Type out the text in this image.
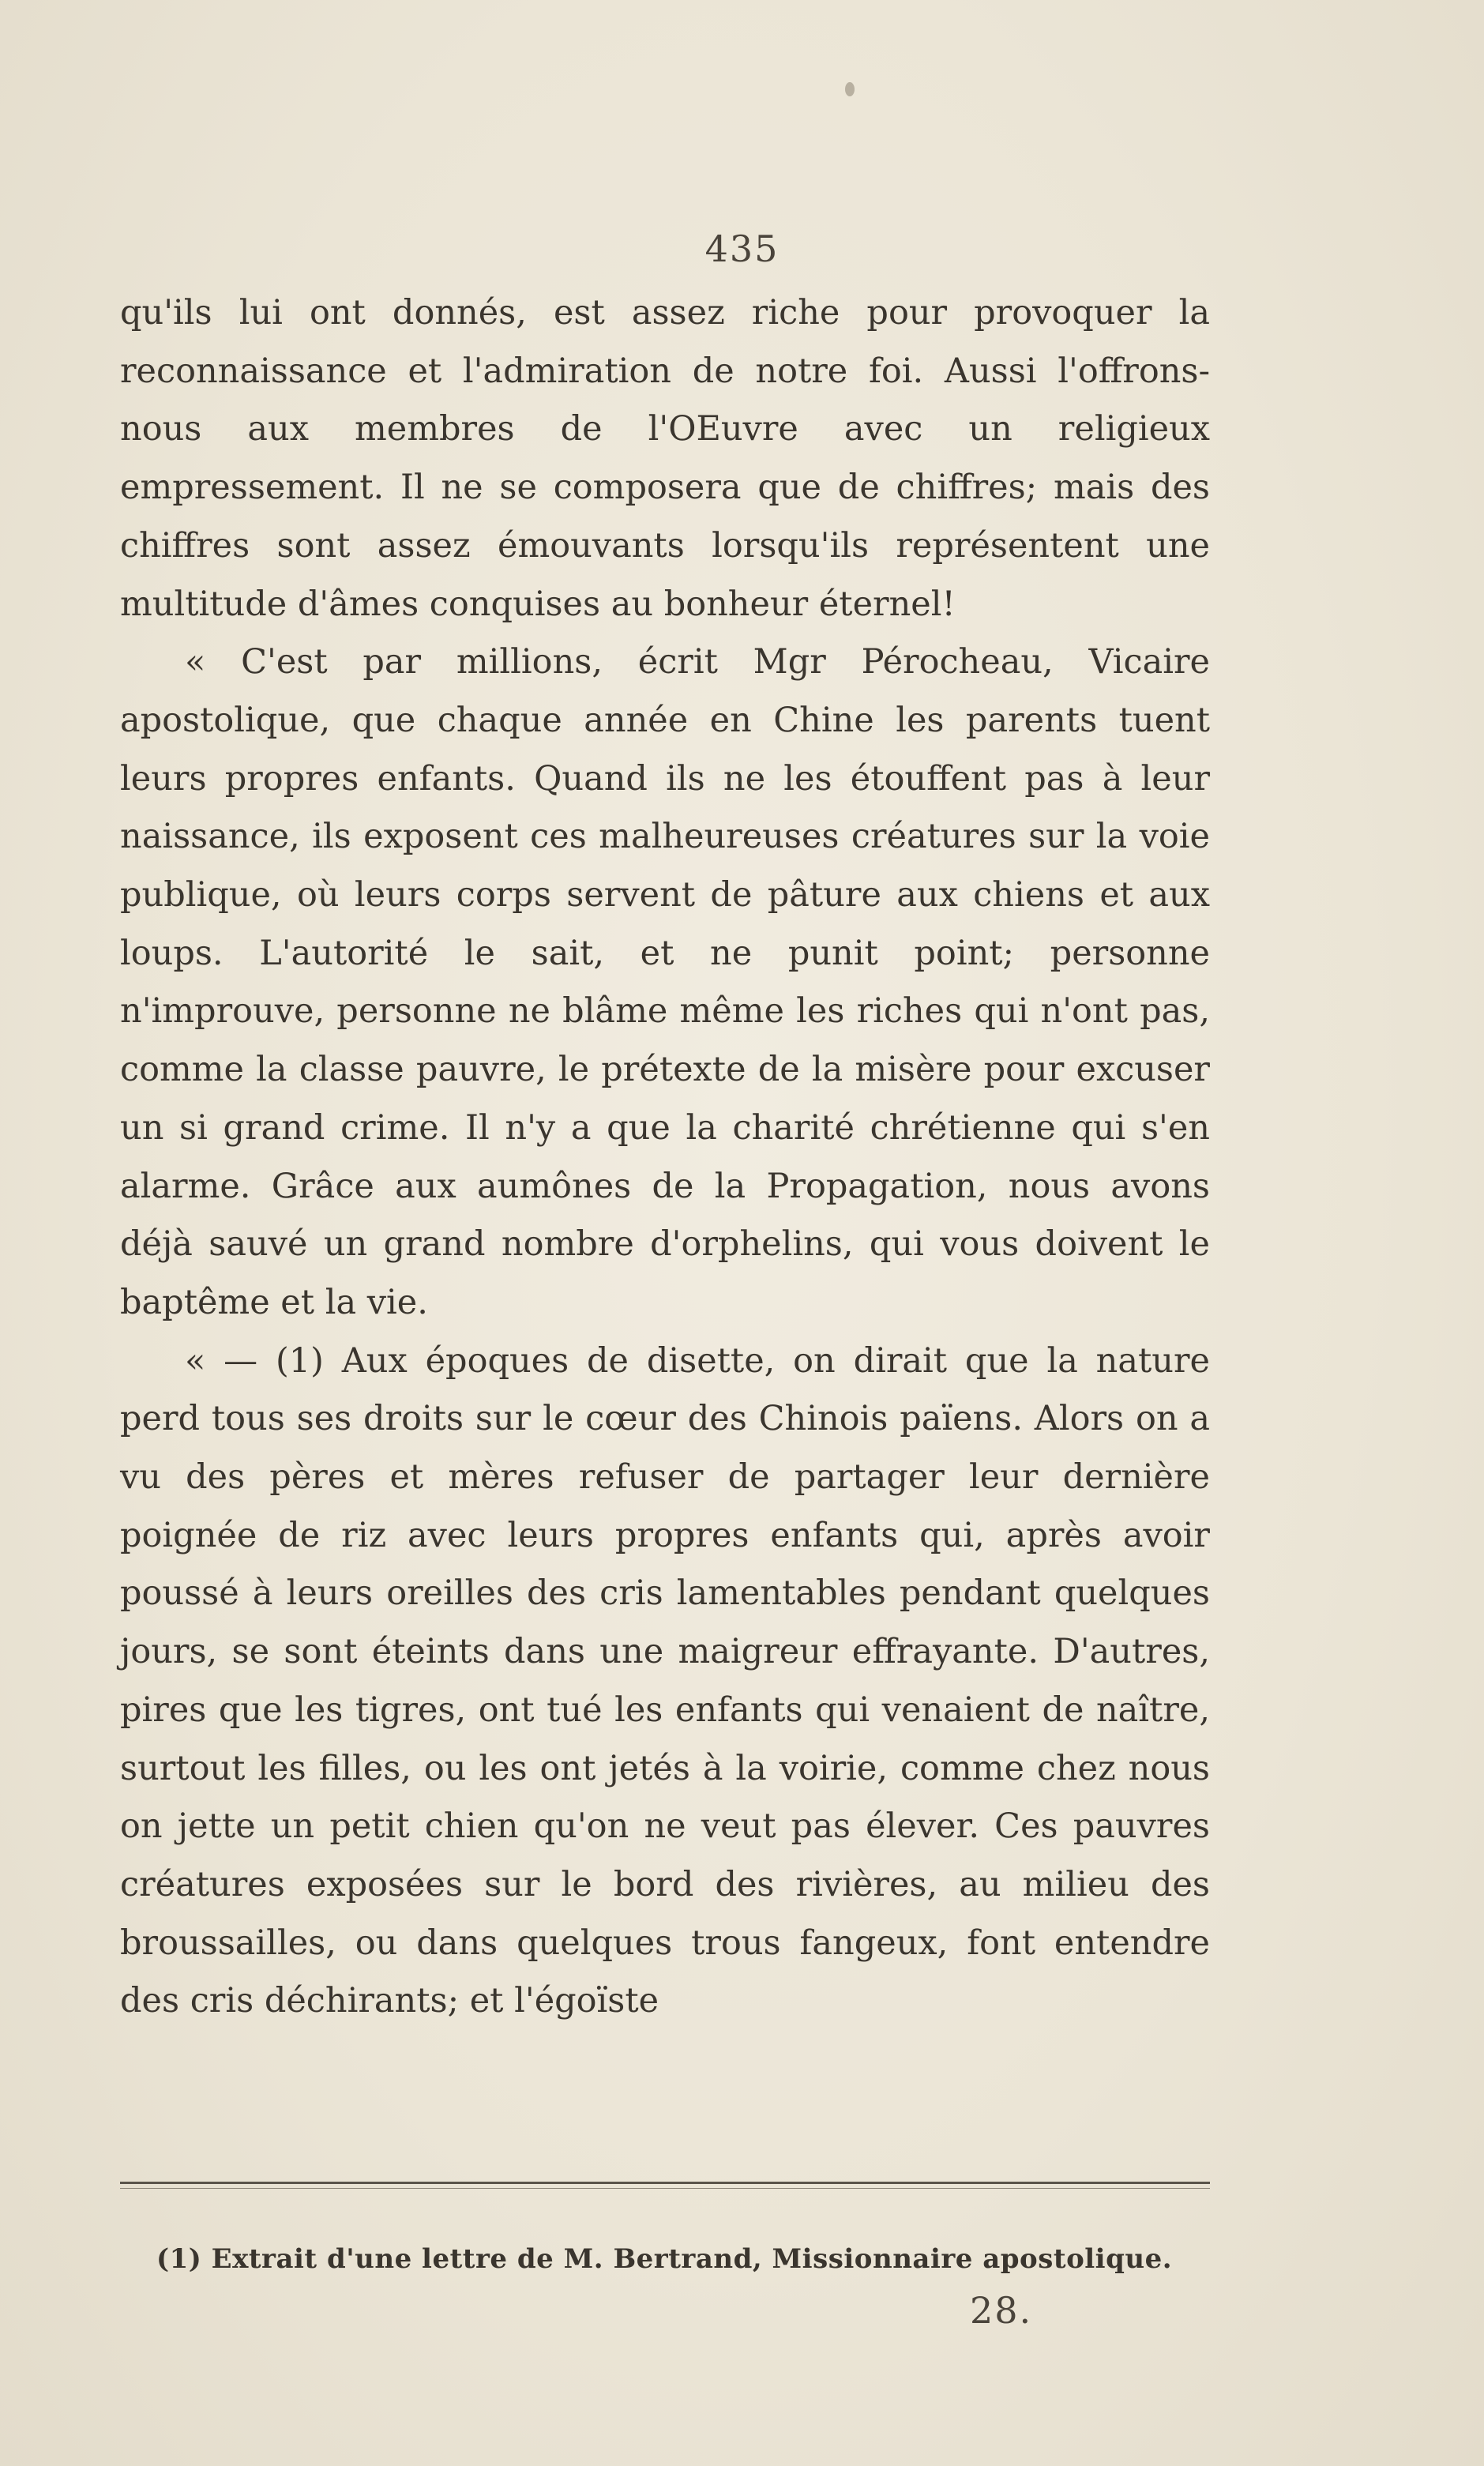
435

qu'ils lui ont donnés, est assez riche pour provoquer la reconnaissance et l'admiration de notre foi. Aussi l'offrons-nous aux membres de l'OEuvre avec un religieux empressement. Il ne se composera que de chiffres; mais des chiffres sont assez émouvants lorsqu'ils représentent une multitude d'âmes conquises au bonheur éternel!

« C'est par millions, écrit Mgr Pérocheau, Vicaire apostolique, que chaque année en Chine les parents tuent leurs propres enfants. Quand ils ne les étouffent pas à leur naissance, ils exposent ces malheureuses créatures sur la voie publique, où leurs corps servent de pâture aux chiens et aux loups. L'autorité le sait, et ne punit point; personne n'improuve, personne ne blâme même les riches qui n'ont pas, comme la classe pauvre, le prétexte de la misère pour excuser un si grand crime. Il n'y a que la charité chrétienne qui s'en alarme. Grâce aux aumônes de la Propagation, nous avons déjà sauvé un grand nombre d'orphelins, qui vous doivent le baptême et la vie.

« — (1) Aux époques de disette, on dirait que la nature perd tous ses droits sur le cœur des Chinois païens. Alors on a vu des pères et mères refuser de partager leur dernière poignée de riz avec leurs propres enfants qui, après avoir poussé à leurs oreilles des cris lamentables pendant quelques jours, se sont éteints dans une maigreur effrayante. D'autres, pires que les tigres, ont tué les enfants qui venaient de naître, surtout les filles, ou les ont jetés à la voirie, comme chez nous on jette un petit chien qu'on ne veut pas élever. Ces pauvres créatures exposées sur le bord des rivières, au milieu des broussailles, ou dans quelques trous fangeux, font entendre des cris déchirants; et l'égoïste

(1) Extrait d'une lettre de M. Bertrand, Missionnaire apostolique.
28.
